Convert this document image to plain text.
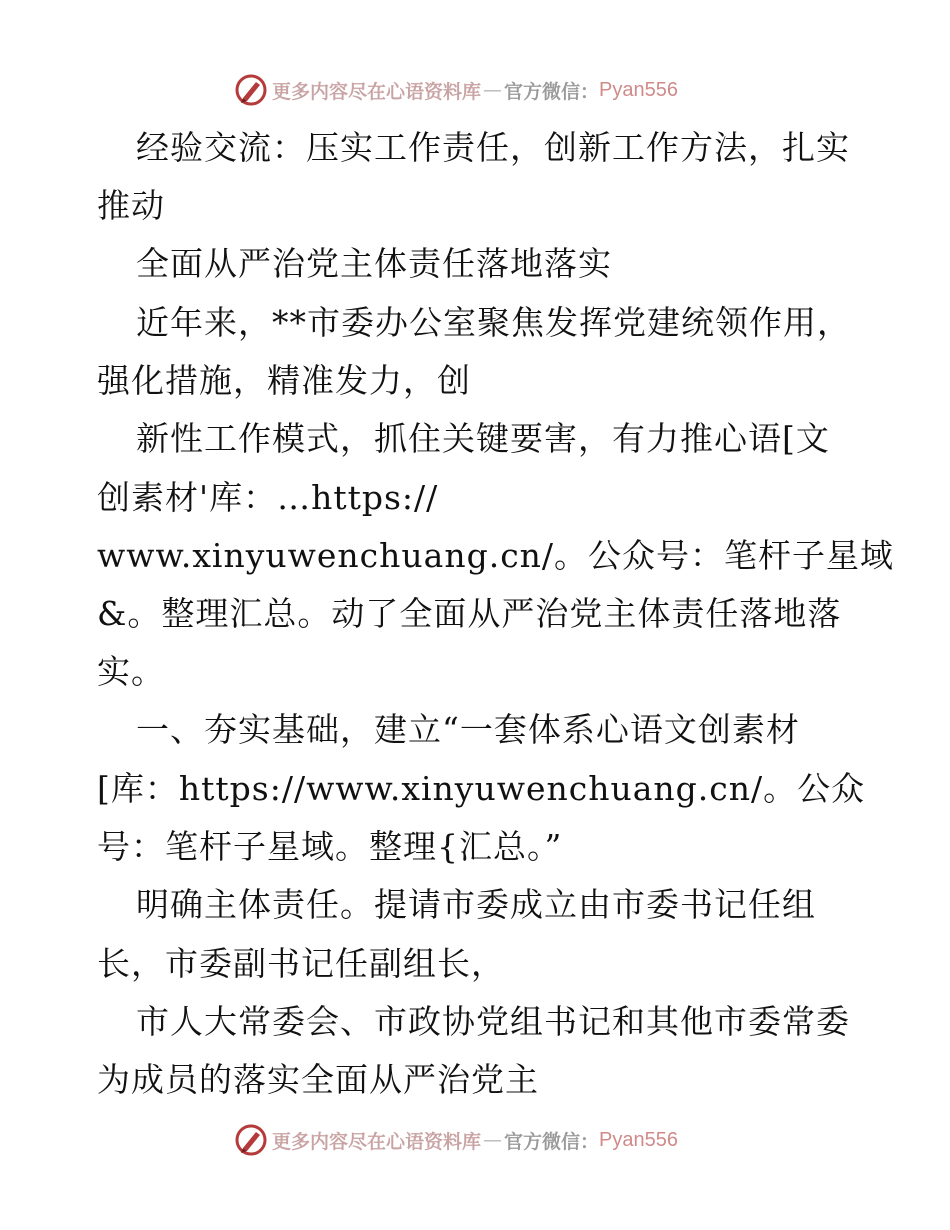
更多内容尽在心语资料库 — 官方微信： Pyan556
经验交流：压实工作责任，创新工作方法，扎实
推动
全面从严治党主体责任落地落实
近年来，**市委办公室聚焦发挥党建统领作用，
强化措施，精准发力，创
新性工作模式，抓住关键要害，有力推心语[文
创素材'库：…https://
www.xinyuwenchuang.cn/。公众号：笔杆子星域
&。整理汇总。动了全面从严治党主体责任落地落
实。
一、夯实基础，建立“一套体系心语文创素材
[库：https://www.xinyuwenchuang.cn/。公众
号：笔杆子星域。整理{汇总。”
明确主体责任。提请市委成立由市委书记任组
长，市委副书记任副组长，
市人大常委会、市政协党组书记和其他市委常委
为成员的落实全面从严治党主
更多内容尽在心语资料库 — 官方微信： Pyan556
